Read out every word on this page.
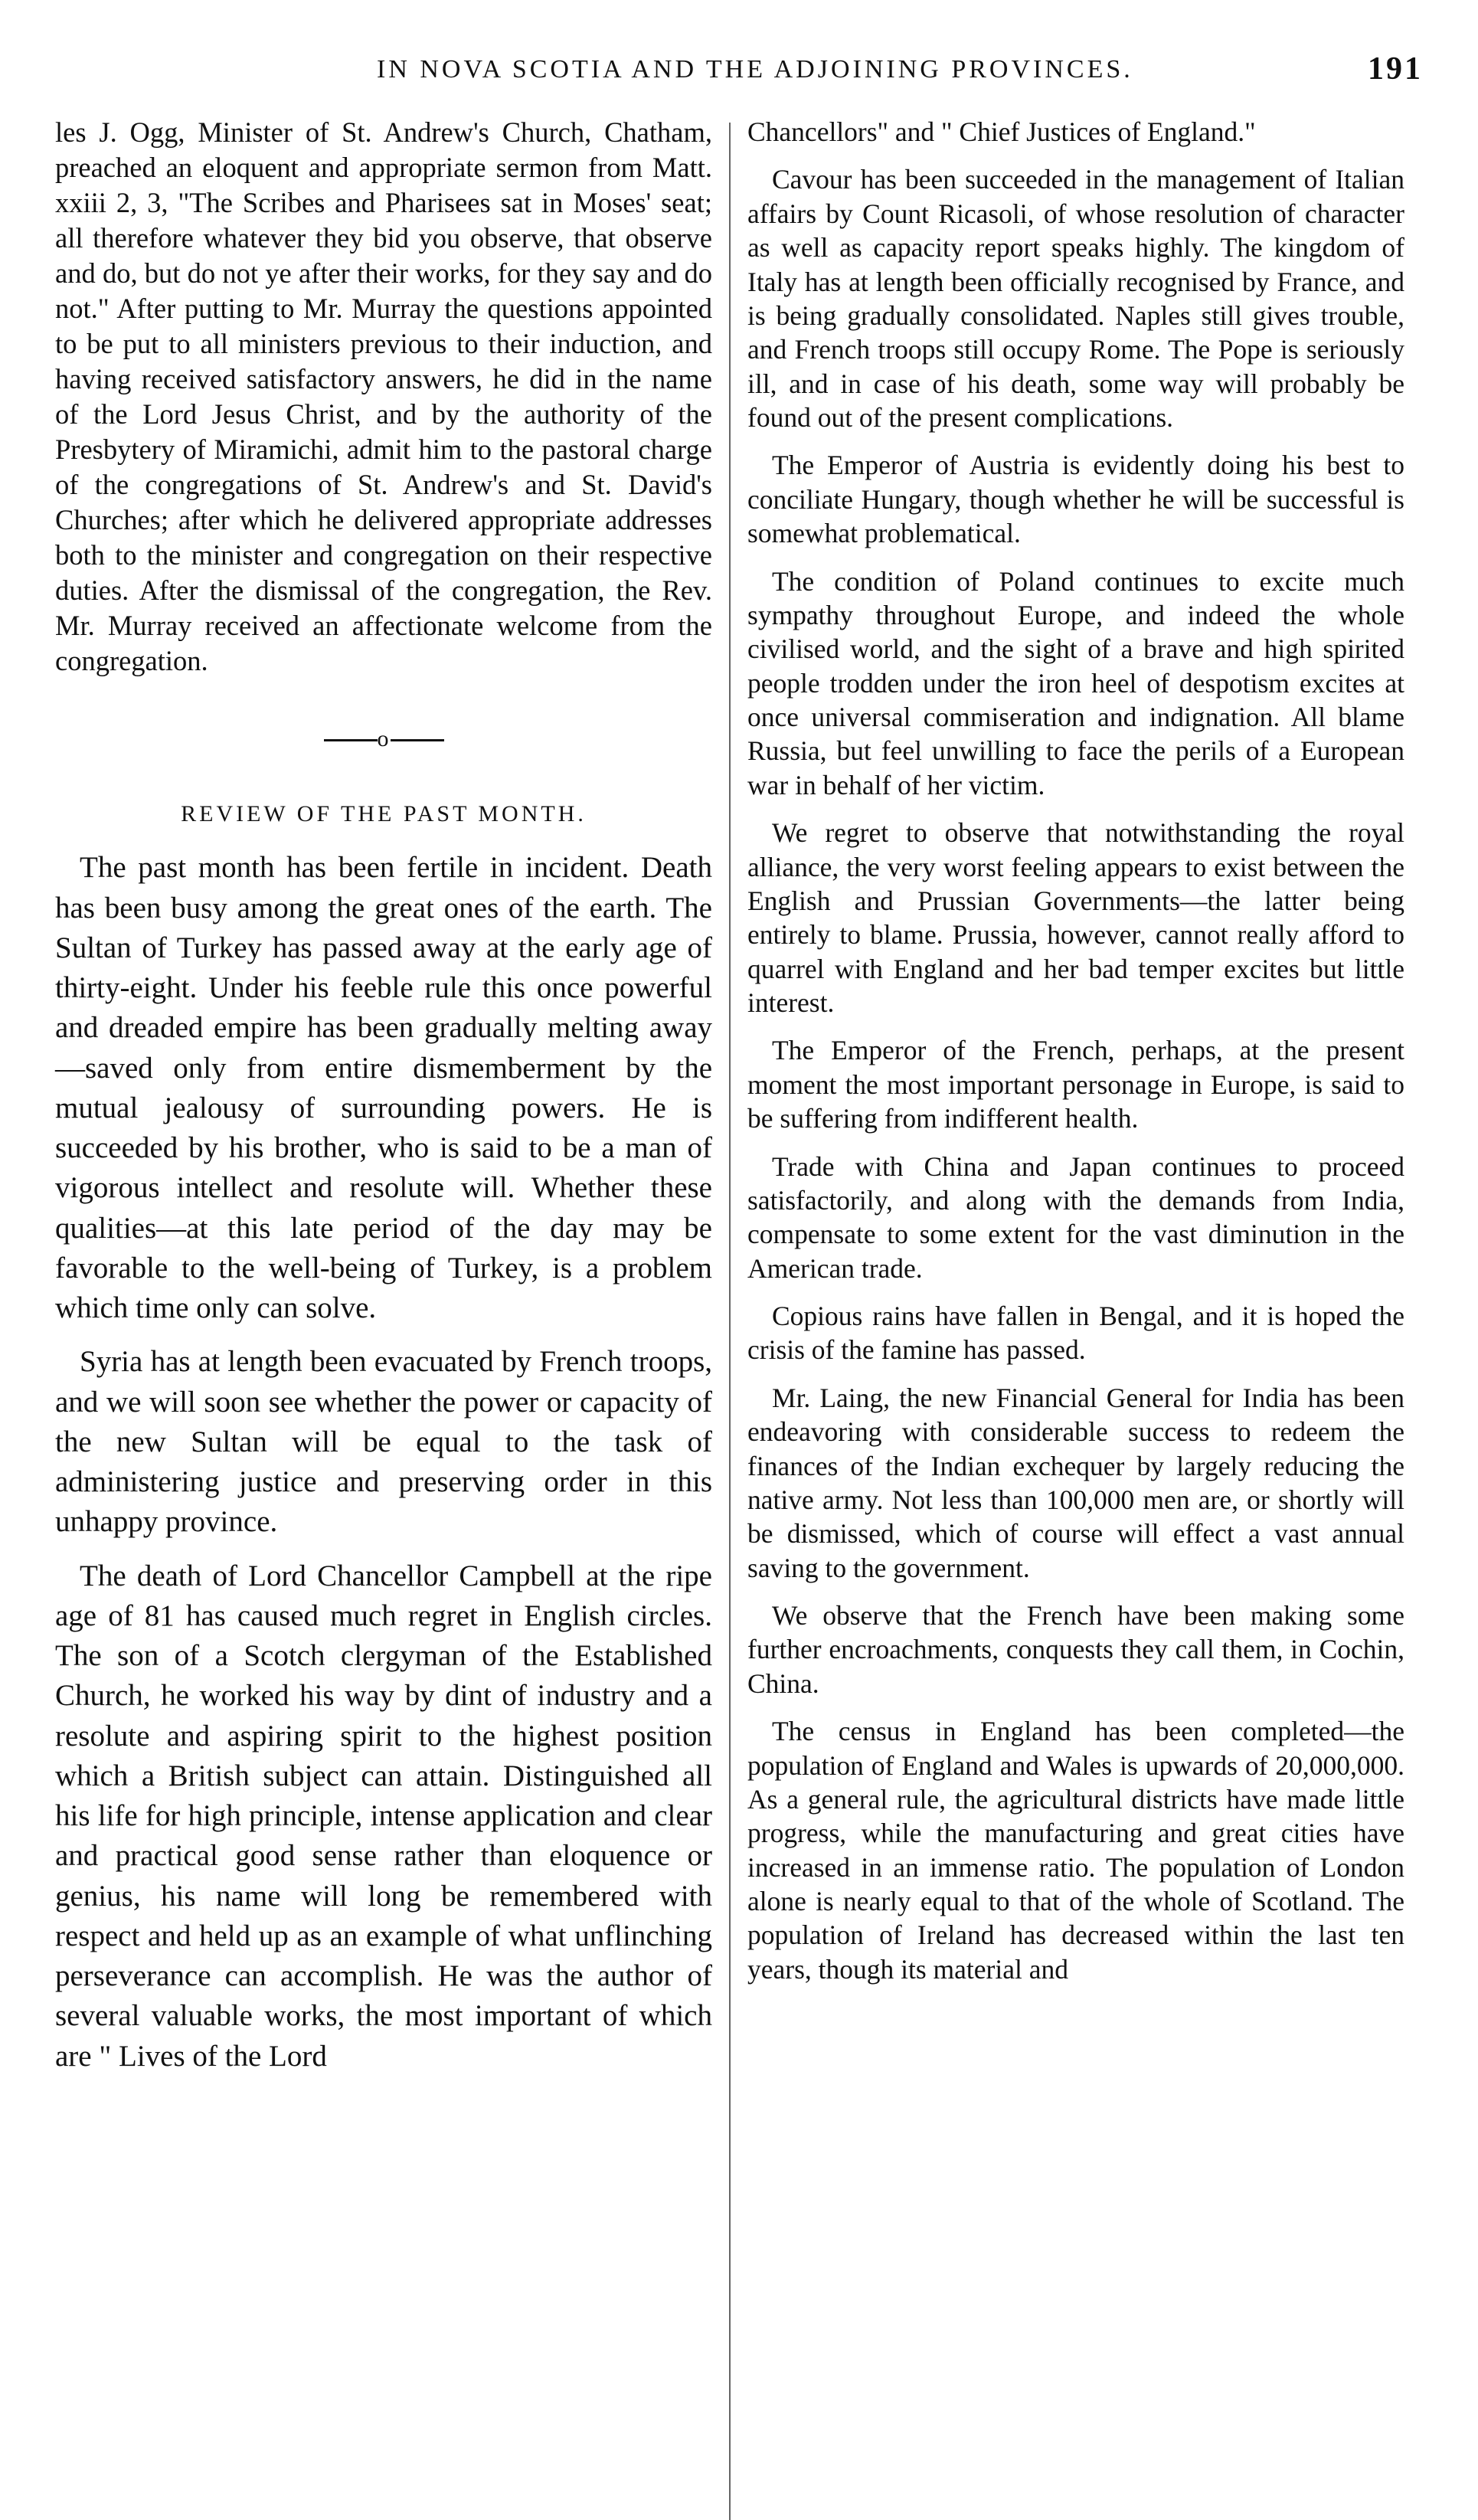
IN NOVA SCOTIA AND THE ADJOINING PROVINCES.	191

les J. Ogg, Minister of St. Andrew's Church, Chatham, preached an eloquent and appropriate sermon from Matt. xxiii 2, 3, "The Scribes and Pharisees sat in Moses' seat; all therefore whatever they bid you observe, that observe and do, but do not ye after their works, for they say and do not." After putting to Mr. Murray the questions appointed to be put to all ministers previous to their induction, and having received satisfactory answers, he did in the name of the Lord Jesus Christ, and by the authority of the Presbytery of Miramichi, admit him to the pastoral charge of the congregations of St. Andrew's and St. David's Churches; after which he delivered appropriate addresses both to the minister and congregation on their respective duties. After the dismissal of the congregation, the Rev. Mr. Murray received an affectionate welcome from the congregation.

o
REVIEW OF THE PAST MONTH.

The past month has been fertile in incident. Death has been busy among the great ones of the earth. The Sultan of Turkey has passed away at the early age of thirty-eight. Under his feeble rule this once powerful and dreaded empire has been gradually melting away—saved only from entire dismemberment by the mutual jealousy of surrounding powers. He is succeeded by his brother, who is said to be a man of vigorous intellect and resolute will. Whether these qualities—at this late period of the day may be favorable to the well-being of Turkey, is a problem which time only can solve.

Syria has at length been evacuated by French troops, and we will soon see whether the power or capacity of the new Sultan will be equal to the task of administering justice and preserving order in this unhappy province.

The death of Lord Chancellor Campbell at the ripe age of 81 has caused much regret in English circles. The son of a Scotch clergyman of the Established Church, he worked his way by dint of industry and a resolute and aspiring spirit to the highest position which a British subject can attain. Distinguished all his life for high principle, intense application and clear and practical good sense rather than eloquence or genius, his name will long be remembered with respect and held up as an example of what unflinching perseverance can accomplish. He was the author of several valuable works, the most important of which are " Lives of the Lord

Chancellors" and " Chief Justices of England."

Cavour has been succeeded in the management of Italian affairs by Count Ricasoli, of whose resolution of character as well as capacity report speaks highly. The kingdom of Italy has at length been officially recognised by France, and is being gradually consolidated. Naples still gives trouble, and French troops still occupy Rome. The Pope is seriously ill, and in case of his death, some way will probably be found out of the present complications.

The Emperor of Austria is evidently doing his best to conciliate Hungary, though whether he will be successful is somewhat problematical.

The condition of Poland continues to excite much sympathy throughout Europe, and indeed the whole civilised world, and the sight of a brave and high spirited people trodden under the iron heel of despotism excites at once universal commiseration and indignation. All blame Russia, but feel unwilling to face the perils of a European war in behalf of her victim.

We regret to observe that notwithstanding the royal alliance, the very worst feeling appears to exist between the English and Prussian Governments—the latter being entirely to blame. Prussia, however, cannot really afford to quarrel with England and her bad temper excites but little interest.

The Emperor of the French, perhaps, at the present moment the most important personage in Europe, is said to be suffering from indifferent health.

Trade with China and Japan continues to proceed satisfactorily, and along with the demands from India, compensate to some extent for the vast diminution in the American trade.

Copious rains have fallen in Bengal, and it is hoped the crisis of the famine has passed.

Mr. Laing, the new Financial General for India has been endeavoring with considerable success to redeem the finances of the Indian exchequer by largely reducing the native army. Not less than 100,000 men are, or shortly will be dismissed, which of course will effect a vast annual saving to the government.

We observe that the French have been making some further encroachments, conquests they call them, in Cochin, China.

The census in England has been completed—the population of England and Wales is upwards of 20,000,000. As a general rule, the agricultural districts have made little progress, while the manufacturing and great cities have increased in an immense ratio. The population of London alone is nearly equal to that of the whole of Scotland. The population of Ireland has decreased within the last ten years, though its material and
